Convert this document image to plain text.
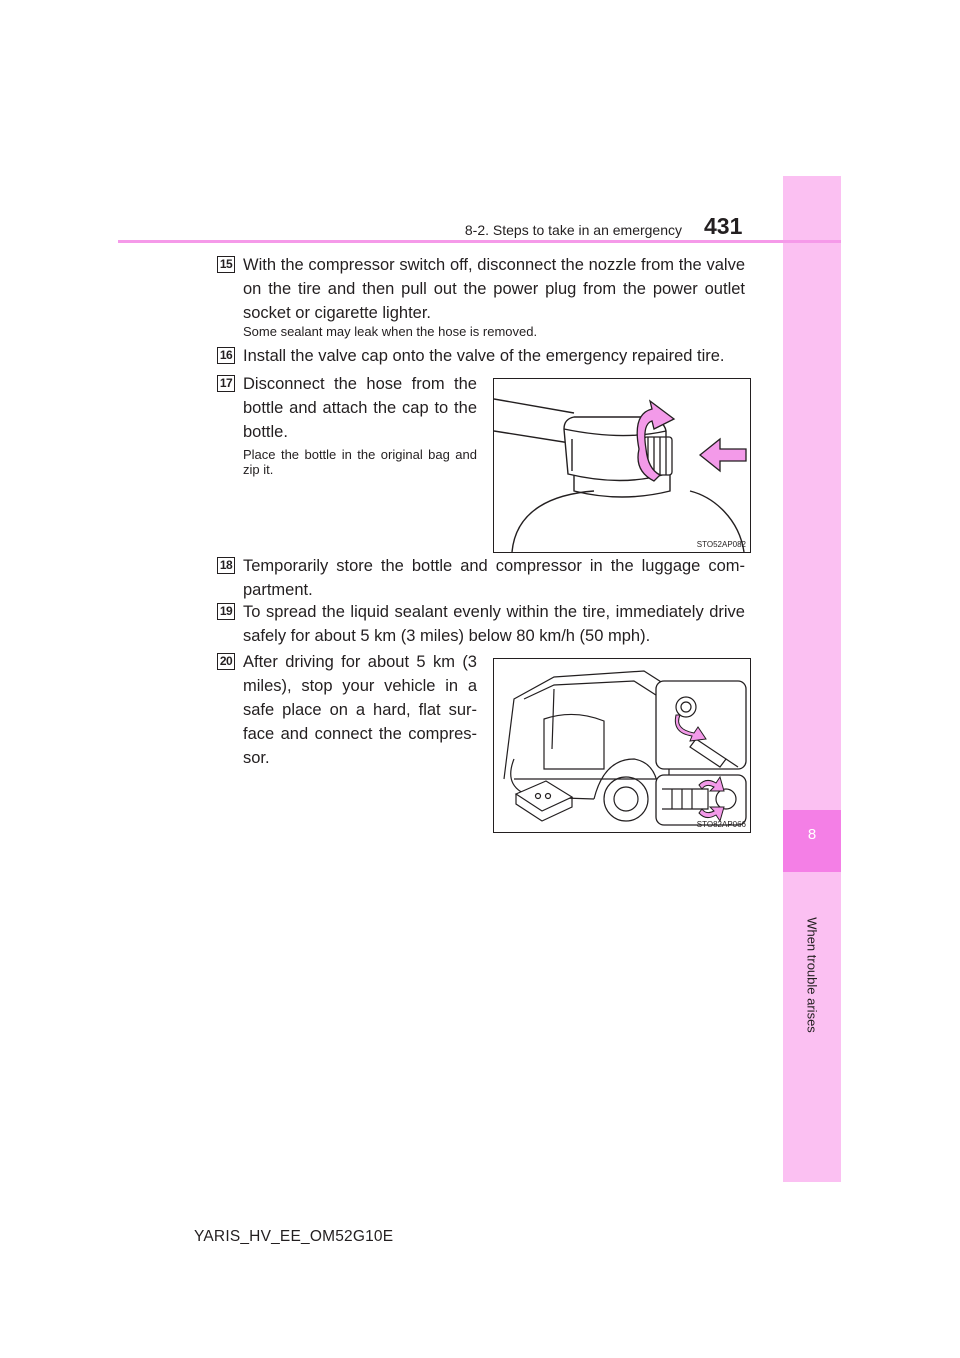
8
When trouble arises
8-2. Steps to take in an emergency 431
15 With the compressor switch off, disconnect the nozzle from the valve on the tire and then pull out the power plug from the power outlet socket or cigarette lighter.
Some sealant may leak when the hose is removed.
16 Install the valve cap onto the valve of the emergency repaired tire.
17 Disconnect the hose from the bottle and attach the cap to the bottle.
Place the bottle in the original bag and zip it.
STO52AP082
18 Temporarily store the bottle and compressor in the luggage com- partment.
19 To spread the liquid sealant evenly within the tire, immediately drive safely for about 5 km (3 miles) below 80 km/h (50 mph).
20 After driving for about 5 km (3 miles), stop your vehicle in a safe place on a hard, flat sur- face and connect the compres- sor.
STO82AP066
YARIS_HV_EE_OM52G10E
